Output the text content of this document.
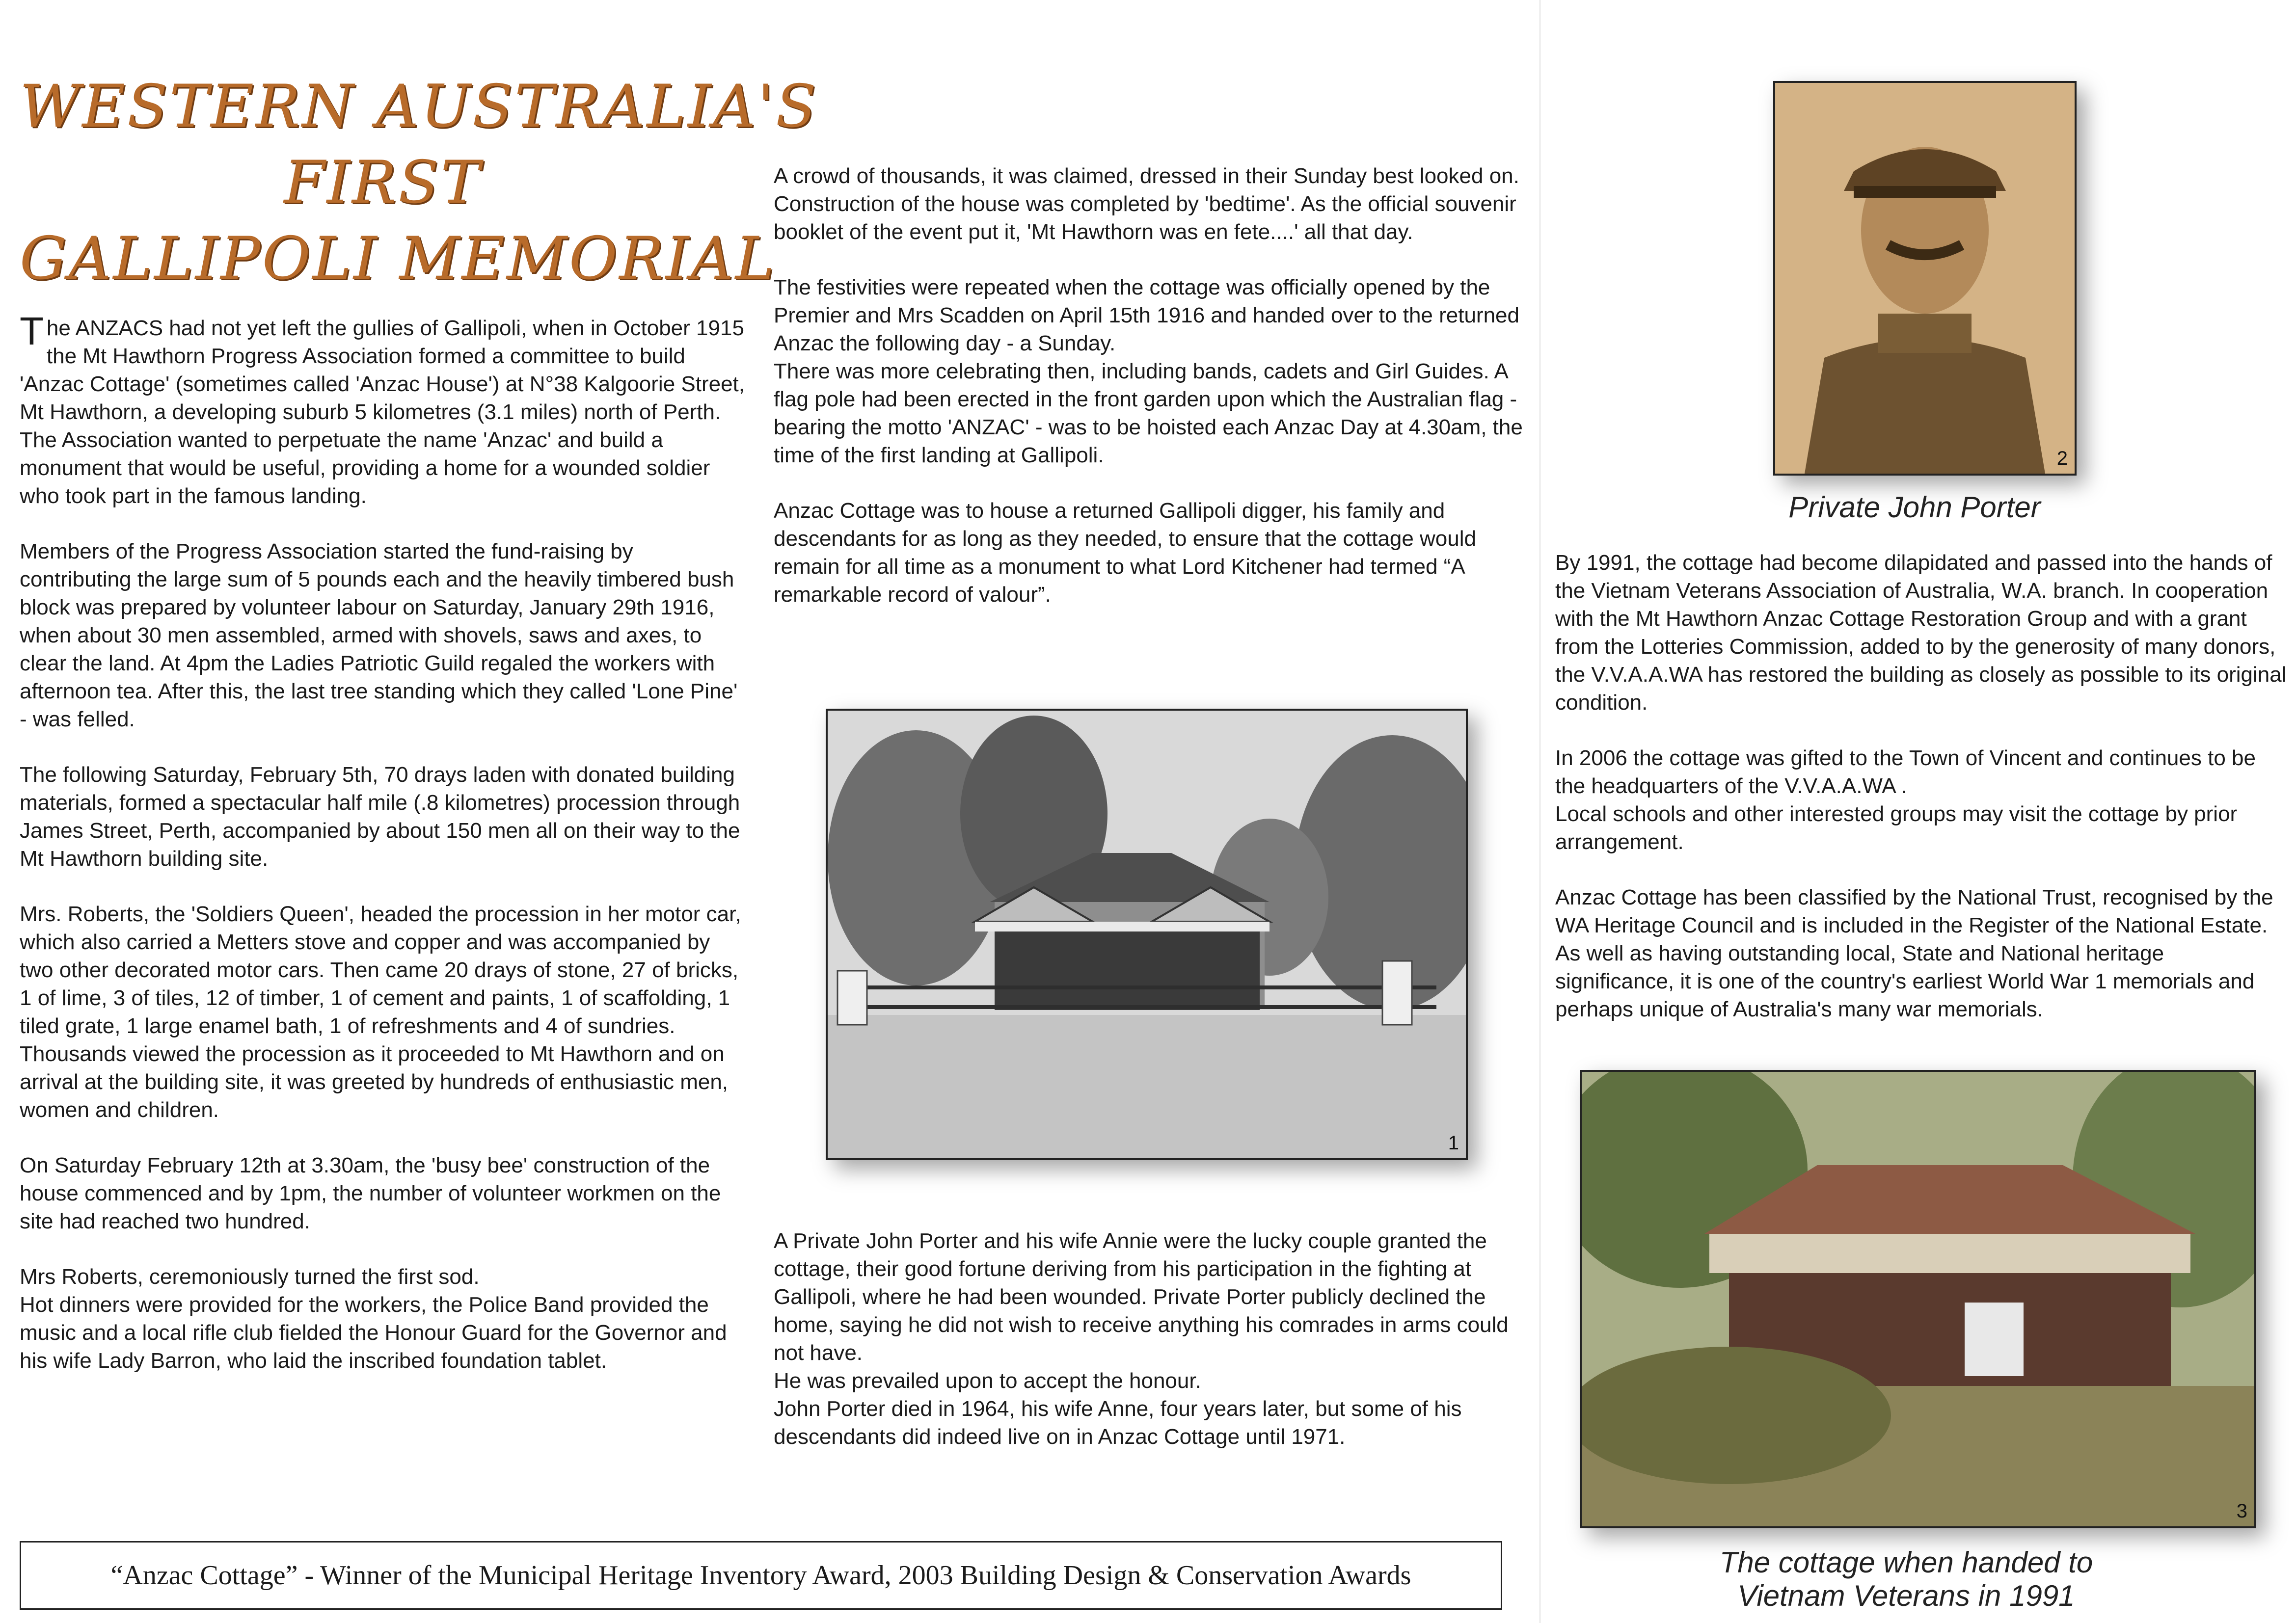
WESTERN AUSTRALIA'S
FIRST
GALLIPOLI MEMORIAL

The ANZACS had not yet left the gullies of Gallipoli, when in October 1915 the Mt Hawthorn Progress Association formed a committee to build 'Anzac Cottage' (sometimes called 'Anzac House') at N°38 Kalgoorie Street, Mt Hawthorn, a developing suburb 5 kilometres (3.1 miles) north of Perth. The Association wanted to perpetuate the name 'Anzac' and build a monument that would be useful, providing a home for a wounded soldier who took part in the famous landing.

Members of the Progress Association started the fund-raising by contributing the large sum of 5 pounds each and the heavily timbered bush block was prepared by volunteer labour on Saturday, January 29th 1916, when about 30 men assembled, armed with shovels, saws and axes, to clear the land. At 4pm the Ladies Patriotic Guild regaled the workers with afternoon tea. After this, the last tree standing which they called 'Lone Pine' - was felled.

The following Saturday, February 5th, 70 drays laden with donated building materials, formed a spectacular half mile (.8 kilometres) procession through James Street, Perth, accompanied by about 150 men all on their way to the Mt Hawthorn building site.

Mrs. Roberts, the 'Soldiers Queen', headed the procession in her motor car, which also carried a Metters stove and copper and was accompanied by two other decorated motor cars. Then came 20 drays of stone, 27 of bricks, 1 of lime, 3 of tiles, 12 of timber, 1 of cement and paints, 1 of scaffolding, 1 tiled grate, 1 large enamel bath, 1 of refreshments and 4 of sundries. Thousands viewed the procession as it proceeded to Mt Hawthorn and on arrival at the building site, it was greeted by hundreds of enthusiastic men, women and children.

On Saturday February 12th at 3.30am, the 'busy bee' construction of the house commenced and by 1pm, the number of volunteer workmen on the site had reached two hundred.

Mrs Roberts, ceremoniously turned the first sod.
Hot dinners were provided for the workers, the Police Band provided the music and a local rifle club fielded the Honour Guard for the Governor and his wife Lady Barron, who laid the inscribed foundation tablet.

A crowd of thousands, it was claimed, dressed in their Sunday best looked on. Construction of the house was completed by 'bedtime'. As the official souvenir booklet of the event put it, 'Mt Hawthorn was en fete....' all that day.

The festivities were repeated when the cottage was officially opened by the Premier and Mrs Scadden on April 15th 1916 and handed over to the returned Anzac the following day - a Sunday.
There was more celebrating then, including bands, cadets and Girl Guides. A flag pole had been erected in the front garden upon which the Australian flag - bearing the motto 'ANZAC' - was to be hoisted each Anzac Day at 4.30am, the time of the first landing at Gallipoli.

Anzac Cottage was to house a returned Gallipoli digger, his family and descendants for as long as they needed, to ensure that the cottage would remain for all time as a monument to what Lord Kitchener had termed “A remarkable record of valour”.

1

A Private John Porter and his wife Annie were the lucky couple granted the cottage, their good fortune deriving from his participation in the fighting at Gallipoli, where he had been wounded. Private Porter publicly declined the home, saying he did not wish to receive anything his comrades in arms could not have.
He was prevailed upon to accept the honour.
John Porter died in 1964, his wife Anne, four years later, but some of his descendants did indeed live on in Anzac Cottage until 1971.

2
Private John Porter

By 1991, the cottage had become dilapidated and passed into the hands of the Vietnam Veterans Association of Australia, W.A. branch. In cooperation with the Mt Hawthorn Anzac Cottage Restoration Group and with a grant from the Lotteries Commission, added to by the generosity of many donors, the V.V.A.A.WA has restored the building as closely as possible to its original condition.

In 2006 the cottage was gifted to the Town of Vincent and continues to be the headquarters of the V.V.A.A.WA .
Local schools and other interested groups may visit the cottage by prior arrangement.

Anzac Cottage has been classified by the National Trust, recognised by the WA Heritage Council and is included in the Register of the National Estate. As well as having outstanding local, State and National heritage significance, it is one of the country's earliest World War 1 memorials and perhaps unique of Australia's many war memorials.

3
The cottage when handed to
Vietnam Veterans in 1991
“Anzac Cottage” - Winner of the Municipal Heritage Inventory Award, 2003 Building Design & Conservation Awards
